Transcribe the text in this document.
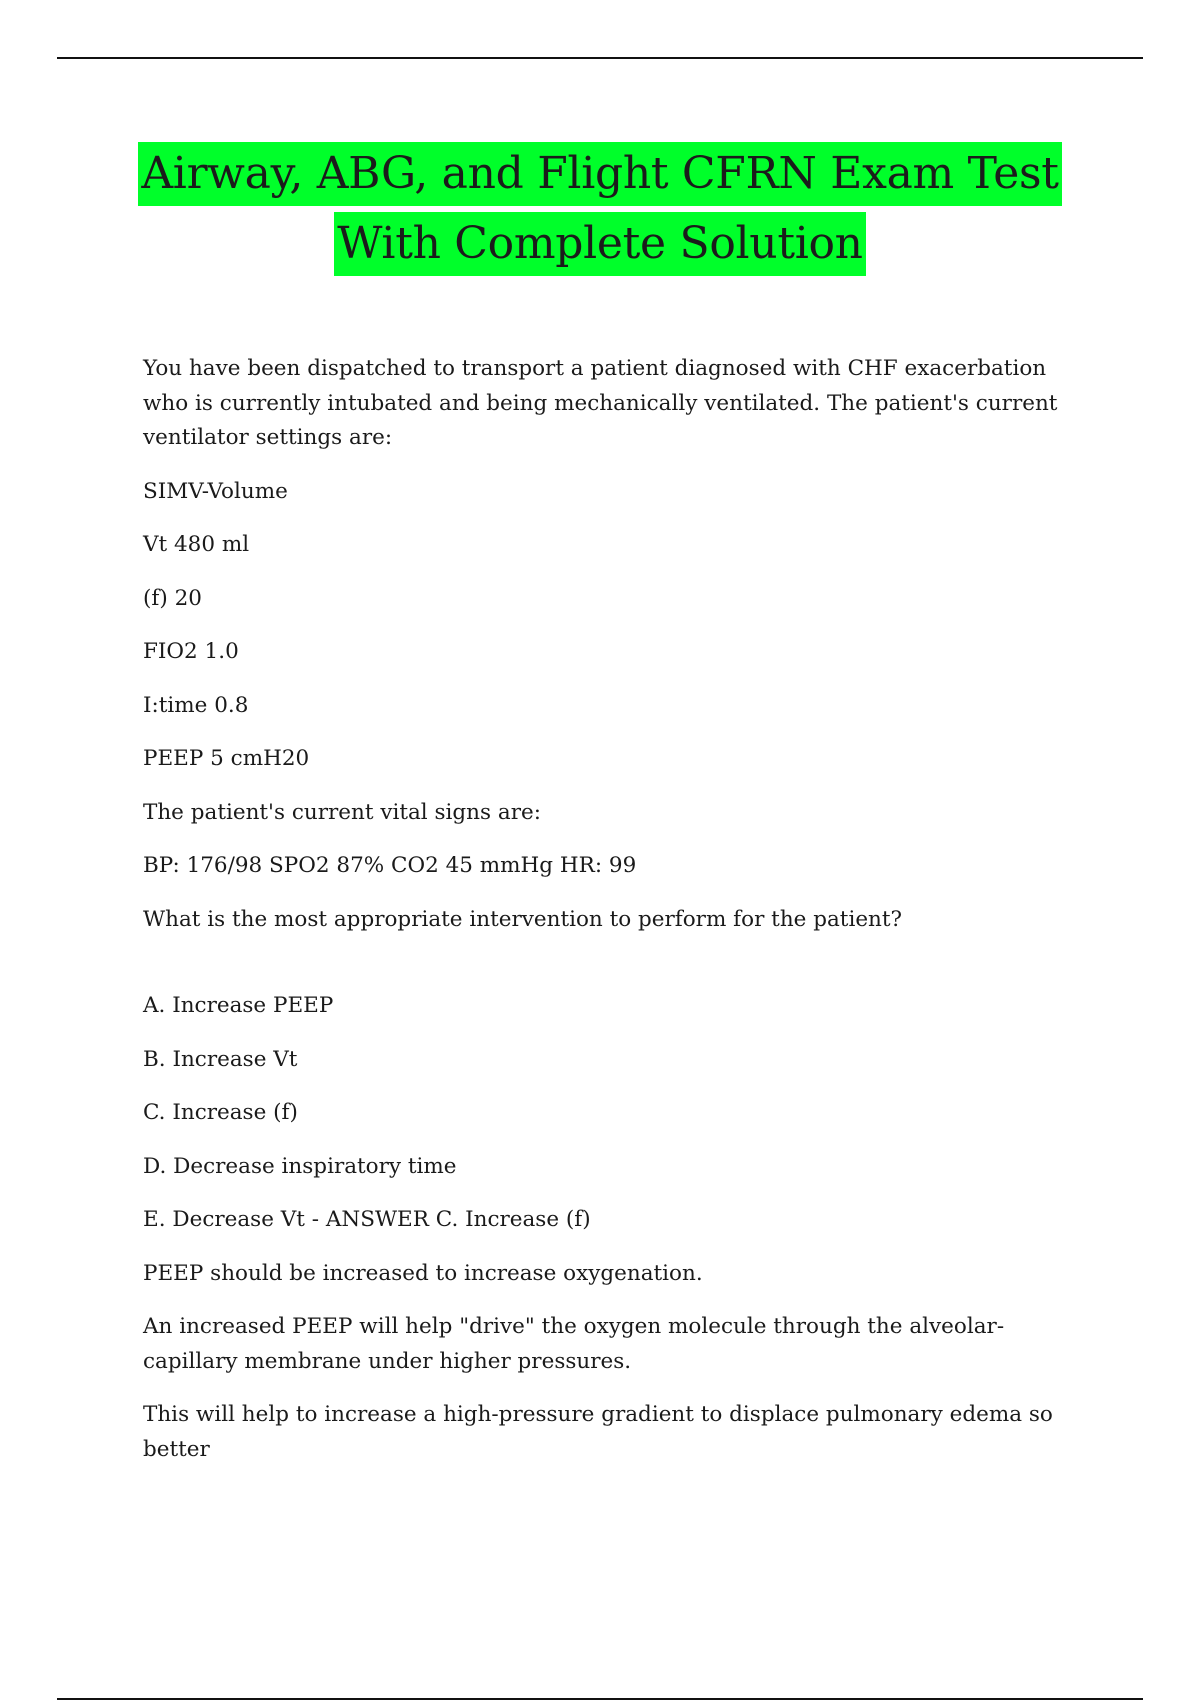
Airway, ABG, and Flight CFRN Exam Test
With Complete Solution

You have been dispatched to transport a patient diagnosed with CHF exacerbation who is currently intubated and being mechanically ventilated. The patient's current ventilator settings are:

SIMV-Volume

Vt 480 ml

(f) 20

FIO2 1.0

I:time 0.8

PEEP 5 cmH20

The patient's current vital signs are:

BP: 176/98 SPO2 87% CO2 45 mmHg HR: 99

What is the most appropriate intervention to perform for the patient?

A. Increase PEEP

B. Increase Vt

C. Increase (f)

D. Decrease inspiratory time

E. Decrease Vt - ANSWER C. Increase (f)

PEEP should be increased to increase oxygenation.

An increased PEEP will help "drive" the oxygen molecule through the alveolar-capillary membrane under higher pressures.

This will help to increase a high-pressure gradient to displace pulmonary edema so better
